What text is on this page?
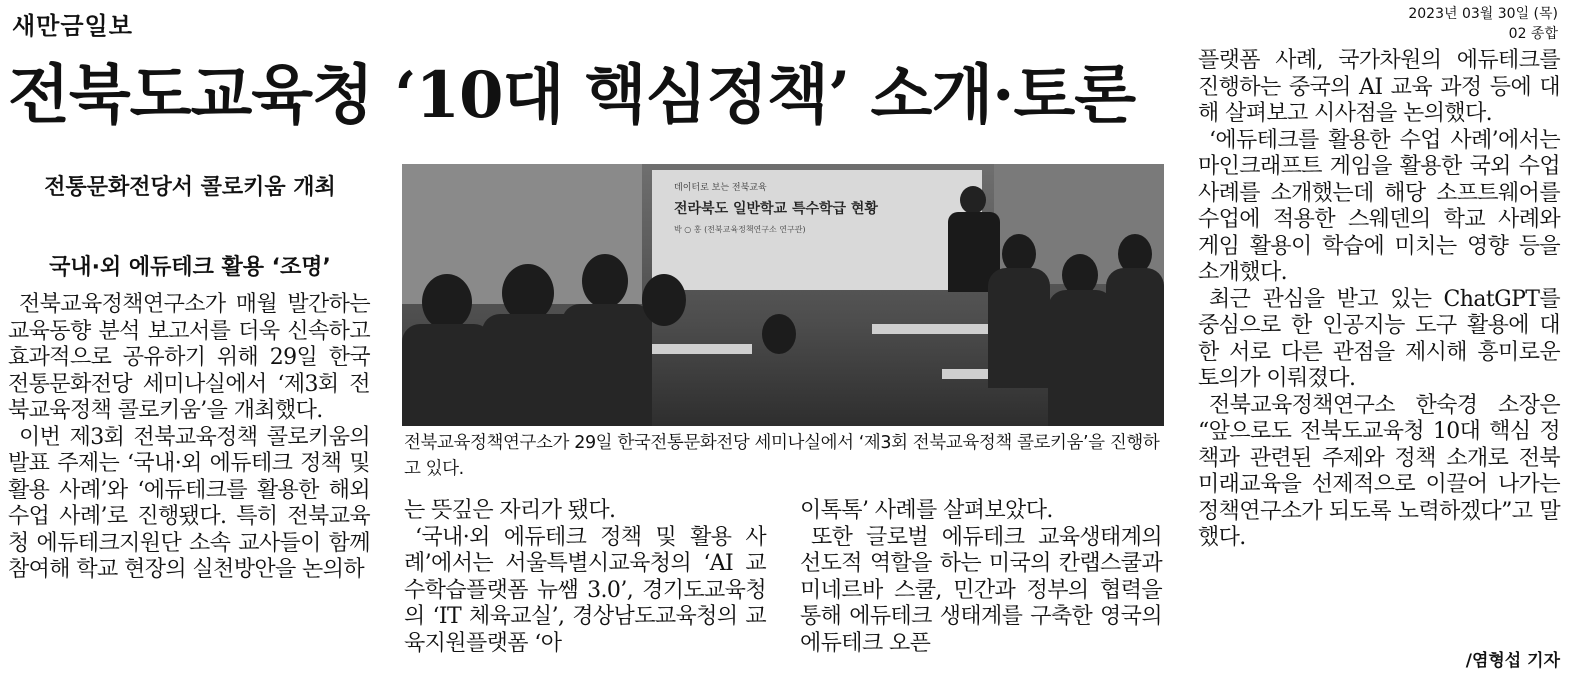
새만금일보	2023년 03월 30일 (목)
02 종합
전북도교육청 ‘10대 핵심정책’ 소개·토론
전통문화전당서 콜로키움 개최
국내·외 에듀테크 활용 ‘조명’

전북교육정책연구소가 매월 발간하는 교육동향 분석 보고서를 더욱 신속하고 효과적으로 공유하기 위해 29일 한국전통문화전당 세미나실에서 ‘제3회 전북교육정책 콜로키움’을 개최했다.

이번 제3회 전북교육정책 콜로키움의 발표 주제는 ‘국내·외 에듀테크 정책 및 활용 사례’와 ‘에듀테크를 활용한 해외 수업 사례’로 진행됐다. 특히 전북교육청 에듀테크지원단 소속 교사들이 함께 참여해 학교 현장의 실천방안을 논의하

데이터로 보는 전북교육
전라북도 일반학교 특수학급 현황
박 ○ 홍 (전북교육정책연구소 연구관)
전북교육정책연구소가 29일 한국전통문화전당 세미나실에서 ‘제3회 전북교육정책 콜로키움’을 진행하고 있다.

는 뜻깊은 자리가 됐다.

‘국내·외 에듀테크 정책 및 활용 사례’에서는 서울특별시교육청의 ‘AI 교수학습플랫폼 뉴쌤 3.0’, 경기도교육청의 ‘IT 체육교실’, 경상남도교육청의 교육지원플랫폼 ‘아

이톡톡’ 사례를 살펴보았다.

또한 글로벌 에듀테크 교육생태계의 선도적 역할을 하는 미국의 칸랩스쿨과 미네르바 스쿨, 민간과 정부의 협력을 통해 에듀테크 생태계를 구축한 영국의 에듀테크 오픈

플랫폼 사례, 국가차원의 에듀테크를 진행하는 중국의 AI 교육 과정 등에 대해 살펴보고 시사점을 논의했다.

‘에듀테크를 활용한 수업 사례’에서는 마인크래프트 게임을 활용한 국외 수업 사례를 소개했는데 해당 소프트웨어를 수업에 적용한 스웨덴의 학교 사례와 게임 활용이 학습에 미치는 영향 등을 소개했다.

최근 관심을 받고 있는 ChatGPT를 중심으로 한 인공지능 도구 활용에 대한 서로 다른 관점을 제시해 흥미로운 토의가 이뤄졌다.

전북교육정책연구소 한숙경 소장은 “앞으로도 전북도교육청 10대 핵심 정책과 관련된 주제와 정책 소개로 전북미래교육을 선제적으로 이끌어 나가는 정책연구소가 되도록 노력하겠다”고 말했다.

/염형섭 기자
